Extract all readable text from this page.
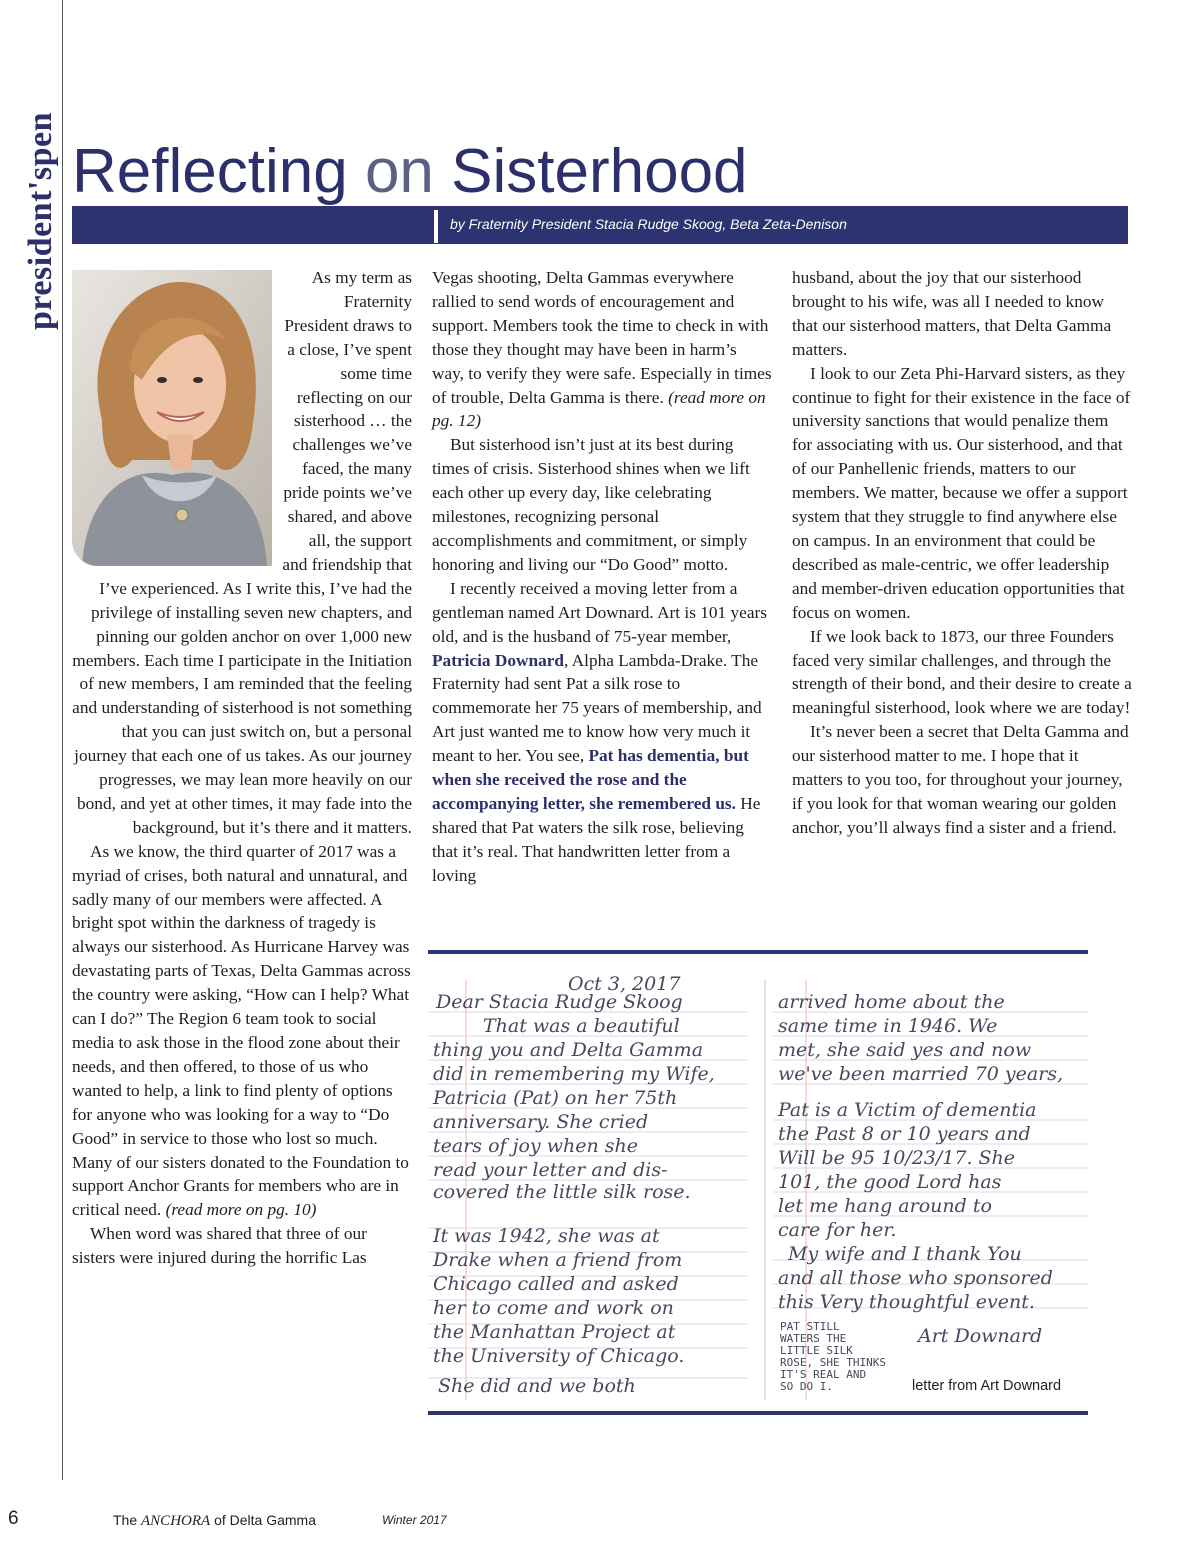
president'spen Reflecting on Sisterhood
by Fraternity President Stacia Rudge Skoog, Beta Zeta-Denison

As my term as Fraternity President draws to a close, I’ve spent some time reflecting on our sisterhood … the challenges we’ve faced, the many pride points we’ve shared, and above all, the support and friendship that I’ve experienced. As I write this, I’ve had the privilege of installing seven new chapters, and pinning our golden anchor on over 1,000 new members. Each time I participate in the Initiation of new members, I am reminded that the feeling and understanding of sisterhood is not something that you can just switch on, but a personal journey that each one of us takes. As our journey progresses, we may lean more heavily on our bond, and yet at other times, it may fade into the background, but it’s there and it matters.

As we know, the third quarter of 2017 was a myriad of crises, both natural and unnatural, and sadly many of our members were affected. A bright spot within the darkness of tragedy is always our sisterhood. As Hurricane Harvey was devastating parts of Texas, Delta Gammas across the country were asking, “How can I help? What can I do?” The Region 6 team took to social media to ask those in the flood zone about their needs, and then offered, to those of us who wanted to help, a link to find plenty of options for anyone who was looking for a way to “Do Good” in service to those who lost so much. Many of our sisters donated to the Foundation to support Anchor Grants for members who are in critical need. (read more on pg. 10)

When word was shared that three of our sisters were injured during the horrific Las

Vegas shooting, Delta Gammas everywhere rallied to send words of encouragement and support. Members took the time to check in with those they thought may have been in harm’s way, to verify they were safe. Especially in times of trouble, Delta Gamma is there. (read more on pg. 12)

But sisterhood isn’t just at its best during times of crisis. Sisterhood shines when we lift each other up every day, like celebrating milestones, recognizing personal accomplishments and commitment, or simply honoring and living our “Do Good” motto.

I recently received a moving letter from a gentleman named Art Downard. Art is 101 years old, and is the husband of 75-year member, Patricia Downard, Alpha Lambda-Drake. The Fraternity had sent Pat a silk rose to commemorate her 75 years of membership, and Art just wanted me to know how very much it meant to her. You see, Pat has dementia, but when she received the rose and the accompanying letter, she remembered us. He shared that Pat waters the silk rose, believing that it’s real. That handwritten letter from a loving

husband, about the joy that our sisterhood brought to his wife, was all I needed to know that our sisterhood matters, that Delta Gamma matters.

I look to our Zeta Phi-Harvard sisters, as they continue to fight for their existence in the face of university sanctions that would penalize them for associating with us. Our sisterhood, and that of our Panhellenic friends, matters to our members. We matter, because we offer a support system that they struggle to find anywhere else on campus. In an environment that could be described as male-centric, we offer leadership and member-driven education opportunities that focus on women.

If we look back to 1873, our three Founders faced very similar challenges, and through the strength of their bond, and their desire to create a meaningful sisterhood, look where we are today!

It’s never been a secret that Delta Gamma and our sisterhood matter to me. I hope that it matters to you too, for throughout your journey, if you look for that woman wearing our golden anchor, you’ll always find a sister and a friend.

Oct 3, 2017
Dear Stacia Rudge Skoog
That was a beautiful
thing you and Delta Gamma
did in remembering my Wife,
Patricia (Pat) on her 75th
anniversary. She cried
tears of joy when she
read your letter and dis-
covered the little silk rose.
It was 1942, she was at
Drake when a friend from
Chicago called and asked
her to come and work on
the Manhattan Project at
the University of Chicago.
She did and we both
arrived home about the
same time in 1946. We
met, she said yes and now
we've been married 70 years,
Pat is a Victim of dementia
the Past 8 or 10 years and
Will be 95 10/23/17. She
101, the good Lord has
let me hang around to
care for her.
My wife and I thank You
and all those who sponsored
this Very thoughtful event.
Art Downard
PAT STILL
WATERS THE
LITTLE SILK
ROSE, SHE THINKS
IT'S REAL AND
SO DO I.	letter from Art Downard
6	The ANCHORA of Delta Gamma	Winter 2017
